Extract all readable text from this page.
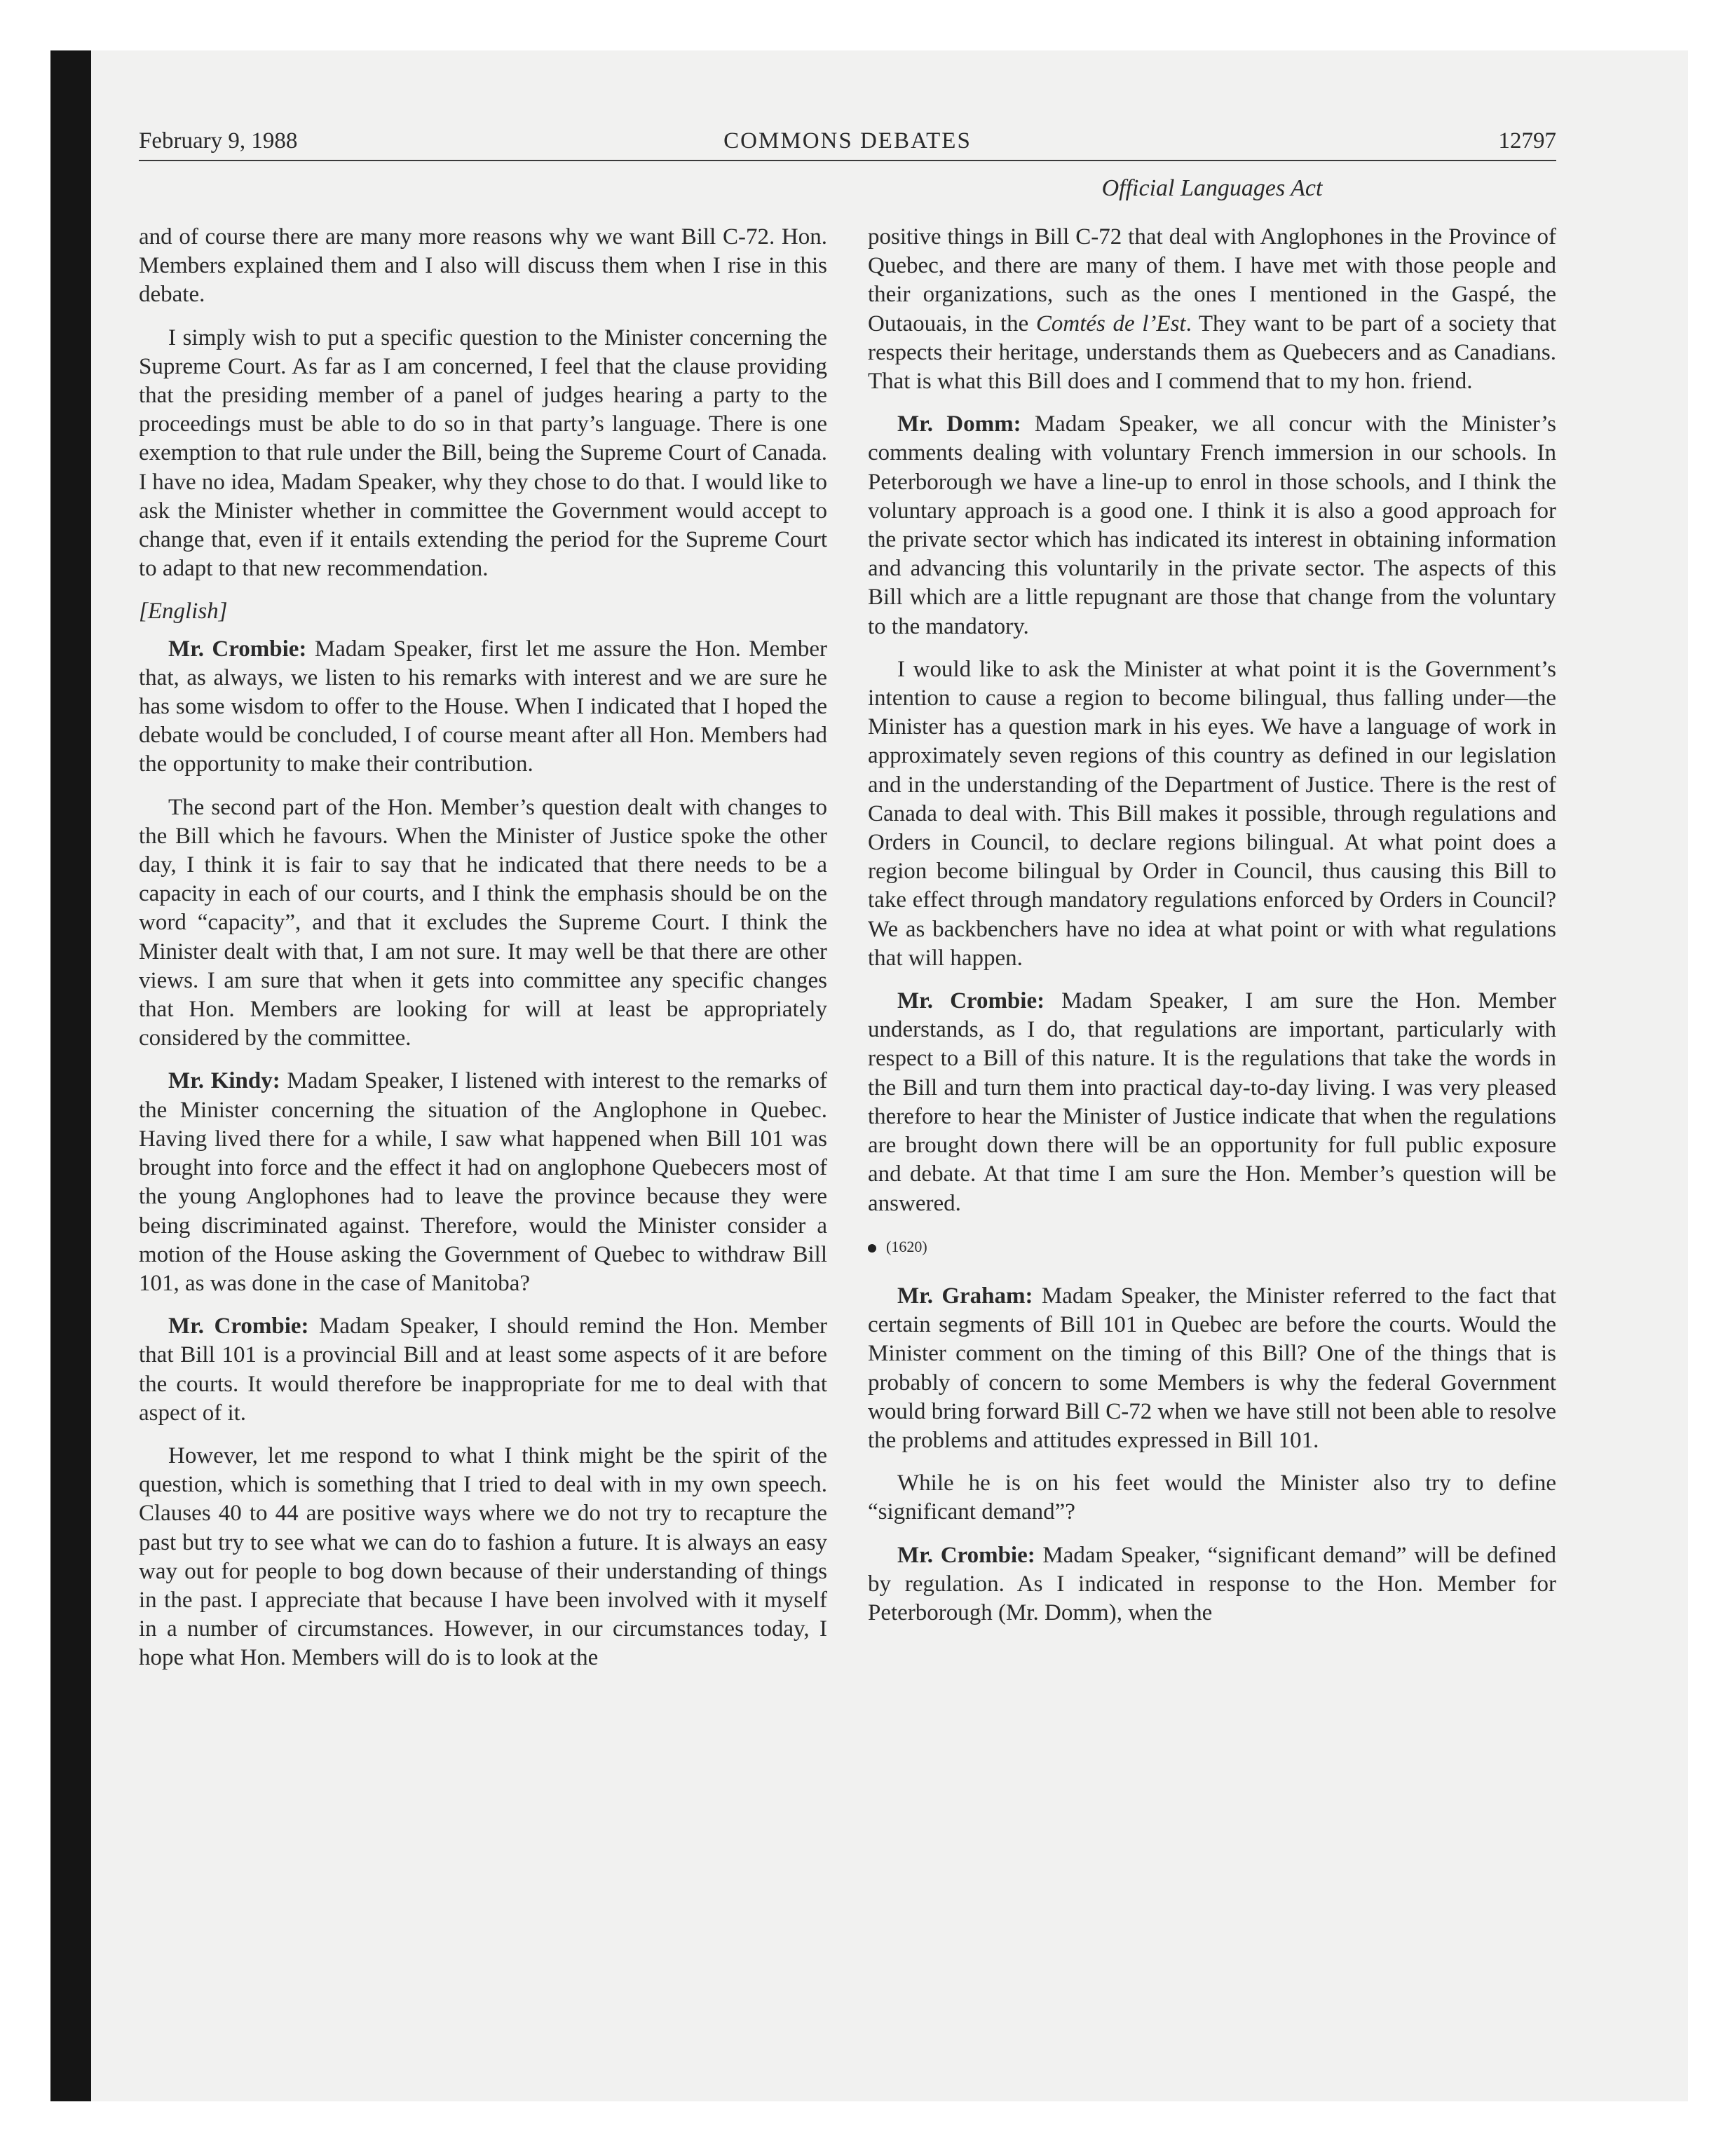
February 9, 1988	COMMONS DEBATES	12797
Official Languages Act

and of course there are many more reasons why we want Bill C-72. Hon. Members explained them and I also will discuss them when I rise in this debate.

I simply wish to put a specific question to the Minister concerning the Supreme Court. As far as I am concerned, I feel that the clause providing that the presiding member of a panel of judges hearing a party to the proceedings must be able to do so in that party’s language. There is one exemption to that rule under the Bill, being the Supreme Court of Canada. I have no idea, Madam Speaker, why they chose to do that. I would like to ask the Minister whether in committee the Government would accept to change that, even if it entails extending the period for the Supreme Court to adapt to that new recommendation.

[English]

Mr. Crombie: Madam Speaker, first let me assure the Hon. Member that, as always, we listen to his remarks with interest and we are sure he has some wisdom to offer to the House. When I indicated that I hoped the debate would be concluded, I of course meant after all Hon. Members had the opportunity to make their contribution.

The second part of the Hon. Member’s question dealt with changes to the Bill which he favours. When the Minister of Justice spoke the other day, I think it is fair to say that he indicated that there needs to be a capacity in each of our courts, and I think the emphasis should be on the word “capacity”, and that it excludes the Supreme Court. I think the Minister dealt with that, I am not sure. It may well be that there are other views. I am sure that when it gets into committee any specific changes that Hon. Members are looking for will at least be appropriately considered by the committee.

Mr. Kindy: Madam Speaker, I listened with interest to the remarks of the Minister concerning the situation of the Anglophone in Quebec. Having lived there for a while, I saw what happened when Bill 101 was brought into force and the effect it had on anglophone Quebecers most of the young Anglophones had to leave the province because they were being discriminated against. Therefore, would the Minister consider a motion of the House asking the Government of Quebec to withdraw Bill 101, as was done in the case of Manitoba?

Mr. Crombie: Madam Speaker, I should remind the Hon. Member that Bill 101 is a provincial Bill and at least some aspects of it are before the courts. It would therefore be inappropriate for me to deal with that aspect of it.

However, let me respond to what I think might be the spirit of the question, which is something that I tried to deal with in my own speech. Clauses 40 to 44 are positive ways where we do not try to recapture the past but try to see what we can do to fashion a future. It is always an easy way out for people to bog down because of their understanding of things in the past. I appreciate that because I have been involved with it myself in a number of circumstances. However, in our circumstances today, I hope what Hon. Members will do is to look at the

positive things in Bill C-72 that deal with Anglophones in the Province of Quebec, and there are many of them. I have met with those people and their organizations, such as the ones I mentioned in the Gaspé, the Outaouais, in the Comtés de l’Est. They want to be part of a society that respects their heritage, understands them as Quebecers and as Canadians. That is what this Bill does and I commend that to my hon. friend.

Mr. Domm: Madam Speaker, we all concur with the Minister’s comments dealing with voluntary French immersion in our schools. In Peterborough we have a line-up to enrol in those schools, and I think the voluntary approach is a good one. I think it is also a good approach for the private sector which has indicated its interest in obtaining information and advancing this voluntarily in the private sector. The aspects of this Bill which are a little repugnant are those that change from the voluntary to the mandatory.

I would like to ask the Minister at what point it is the Government’s intention to cause a region to become bilingual, thus falling under—the Minister has a question mark in his eyes. We have a language of work in approximately seven regions of this country as defined in our legislation and in the understanding of the Department of Justice. There is the rest of Canada to deal with. This Bill makes it possible, through regulations and Orders in Council, to declare regions bilingual. At what point does a region become bilingual by Order in Council, thus causing this Bill to take effect through mandatory regulations enforced by Orders in Council? We as backbenchers have no idea at what point or with what regulations that will happen.

Mr. Crombie: Madam Speaker, I am sure the Hon. Member understands, as I do, that regulations are important, particularly with respect to a Bill of this nature. It is the regulations that take the words in the Bill and turn them into practical day-to-day living. I was very pleased therefore to hear the Minister of Justice indicate that when the regulations are brought down there will be an opportunity for full public exposure and debate. At that time I am sure the Hon. Member’s question will be answered.

(1620)

Mr. Graham: Madam Speaker, the Minister referred to the fact that certain segments of Bill 101 in Quebec are before the courts. Would the Minister comment on the timing of this Bill? One of the things that is probably of concern to some Members is why the federal Government would bring forward Bill C-72 when we have still not been able to resolve the problems and attitudes expressed in Bill 101.

While he is on his feet would the Minister also try to define “significant demand”?

Mr. Crombie: Madam Speaker, “significant demand” will be defined by regulation. As I indicated in response to the Hon. Member for Peterborough (Mr. Domm), when the
